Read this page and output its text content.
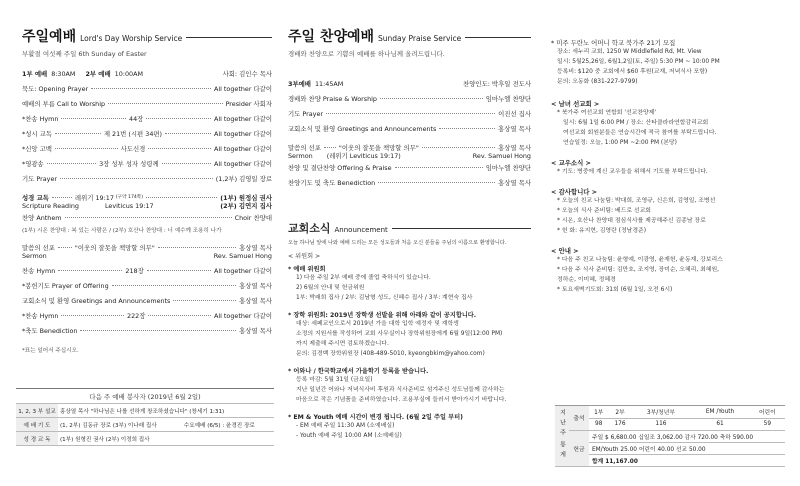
주일예배 Lord's Day Worship Service
부활절 여섯째 주일 6th Sunday of Easter
1부 예배 8:30AM 2부 예배 10:00AM	사회: 김인수 목사
묵도: Opening Prayer	All together 다같이
예배의 부름 Call to Worship	Presider 사회자
*찬송 Hymn	44장	All together 다같이
*성시 교독	제 21번 (시편 34편)	All together 다같이
*신앙 고백	사도신경	All together 다같이
*영광송	3장 성부 성자 성령께	All together 다같이
기도 Prayer	(1,2부) 김영일 장로
성경 교독	레위기 19:17 (구약 174쪽)	(1부) 원정심 권사
Scripture Reading	Leviticus 19:17	(2부) 김연지 집사
찬양 Anthem	Choir 찬양대
(1부) 시온 찬양대 : 복 있는 사람은 / (2부) 호산나 찬양대 : 너 예수께 조용히 나가
말씀의 선포	"이웃의 잘못을 책망할 의무"	홍상열 목사
Sermon	Rev. Samuel Hong
찬송 Hymn	218장	All together 다같이
*봉헌기도 Prayer of Offering	홍상열 목사
교회소식 및 환영 Greetings and Announcements	홍상열 목사
*찬송 Hymn	222장	All together 다같이
*축도 Benediction	홍상열 목사
*표는 일어서 주십시오.
다음 주 예배 봉사자 (2019년 6월 2일)
1, 2, 3 부 설교	홍상열 목사 "하나님은 나를 선하게 창조하셨습니다" (창세기 1:31)	
예 배 기 도	(1, 2부) 김동규 장로 (3부) 이나래 집사	수요예배 (6/5) : 윤경진 장로
성 경 교 독	(1부) 원형진 권사 (2부) 이정희 집사	
주일 찬양예배 Sunday Praise Service
경배와 찬양으로 기쁨의 예배를 하나님께 올려드립니다.
3부예배 11:45AM	찬양인도: 박후일 전도사
경배와 찬양 Praise & Worship	임마누엘 찬양단
기도 Prayer	이진선 집사
교회소식 및 환영 Greetings and Announcements	홍상열 목사
말씀의 선포	"이웃의 잘못을 책망할 의무"	홍상열 목사
Sermon (레위기 Leviticus 19:17)	Rev. Samuel Hong
찬양 및 결단찬양 Offering & Praise	임마누엘 찬양단
찬양기도 및 축도 Benediction	홍상열 목사
교회소식 Announcement
오늘 하나님 앞에 나와 예배 드리는 모든 성도들과 처음 오신 분들을 주님의 이름으로 환영합니다.
< 위원회 >
* 예배 위원회
1) 다음 주일 2부 예배 중에 졸업 축하식이 있습니다.
2) 6월의 안내 및 헌금위원
1부: 박래희 집사 / 2부: 김남형 성도, 신혜수 집사 / 3부: 계현숙 집사
* 장학 위원회: 2019년 장학생 선발을 위해 아래와 같이 공지합니다.
대상: 세페교인으로서 2019년 가을 대학 입학 예정자 및 재학생
소정의 지원서를 작성하여 교회 사무실이나 장학위원장에게 6월 9일(12:00 PM)
까지 제출해 주시면 검토하겠습니다.
문의: 김경백 장학위원장 (408-489-5010, kyeongbkim@yahoo.com)
* 어와나 / 한국학교에서 가을학기 등록을 받습니다.
등록 마감: 5월 31일 (금요일)
지난 일년간 어와나 저녁식사비 후원과 식사준비로 섬겨주신 성도님들께 감사하는
마음으로 작은 기념품을 준비하였습니다. 조용부실에 들러서 받아가시기 바랍니다.
* EM & Youth 예배 시간이 변경 됩니다. (6월 2일 주일 부터)
- EM 예배 주일 11:30 AM (소예배실)
- Youth 예배 주일 10:00 AM (소예배실)
* 미주 두란노 어머니 학교 북가주 21기 모집
장소: 세누리 교회, 1250 W Middlefield Rd, Mt. View
일시: 5월25,26일, 6월1,2일(토, 주일) 5:30 PM ~ 10:00 PM
등록비: $120 중 교회에서 $60 후원(교재, 저녁식사 포함)
문의: 오동화 (831-227-9799)
< 남녀 선교회 >
* 북가주 여선교회 연합회 '선교찬양제'
일시: 6월 1일 6:00 PM / 장소: 산타클라라연합감리교회
여선교회 회원분들은 연습시간에 적극 참여를 부탁드립니다.
연습일정: 오늘, 1:00 PM ~2:00 PM (본당)
< 교우소식 >
* 기도: 병중에 계신 교우들을 위해서 기도를 부탁드립니다.
< 감사합니다 >
* 오늘의 친교 나눔팀: 박대희, 조영규, 신은희, 김영일, 조병선
* 오늘의 식사 준비팀: 베드로 선교회
* 시온, 호산나 찬양대 점심식사를 제공해주신 김종남 장로
* 헌 화: 유지현, 김영란 (정남경준)
< 안내 >
* 다음 주 친교 나눔팀: 윤형예, 이광영, 윤재헌, 윤동재, 강보리스
* 다음 주 식사 준비팀: 김만호, 조지영, 장미순, 오혜리, 최혜원,
정하순, 이미혜, 정혜경
* 토요새벽기도회: 31회 (6월 1일, 오전 6시)
지난주
통계	출석	1부	2부	3부/청년부	EM /Youth	어린이
		98	176	116	61	59
	헌금	주일 $ 6,680.00 십일조 3,062.00 감사 720.00 축하 590.00				
		EM/Youth 25.00 어린이 40.00 선교 50.00				
		합계 11,167.00				
